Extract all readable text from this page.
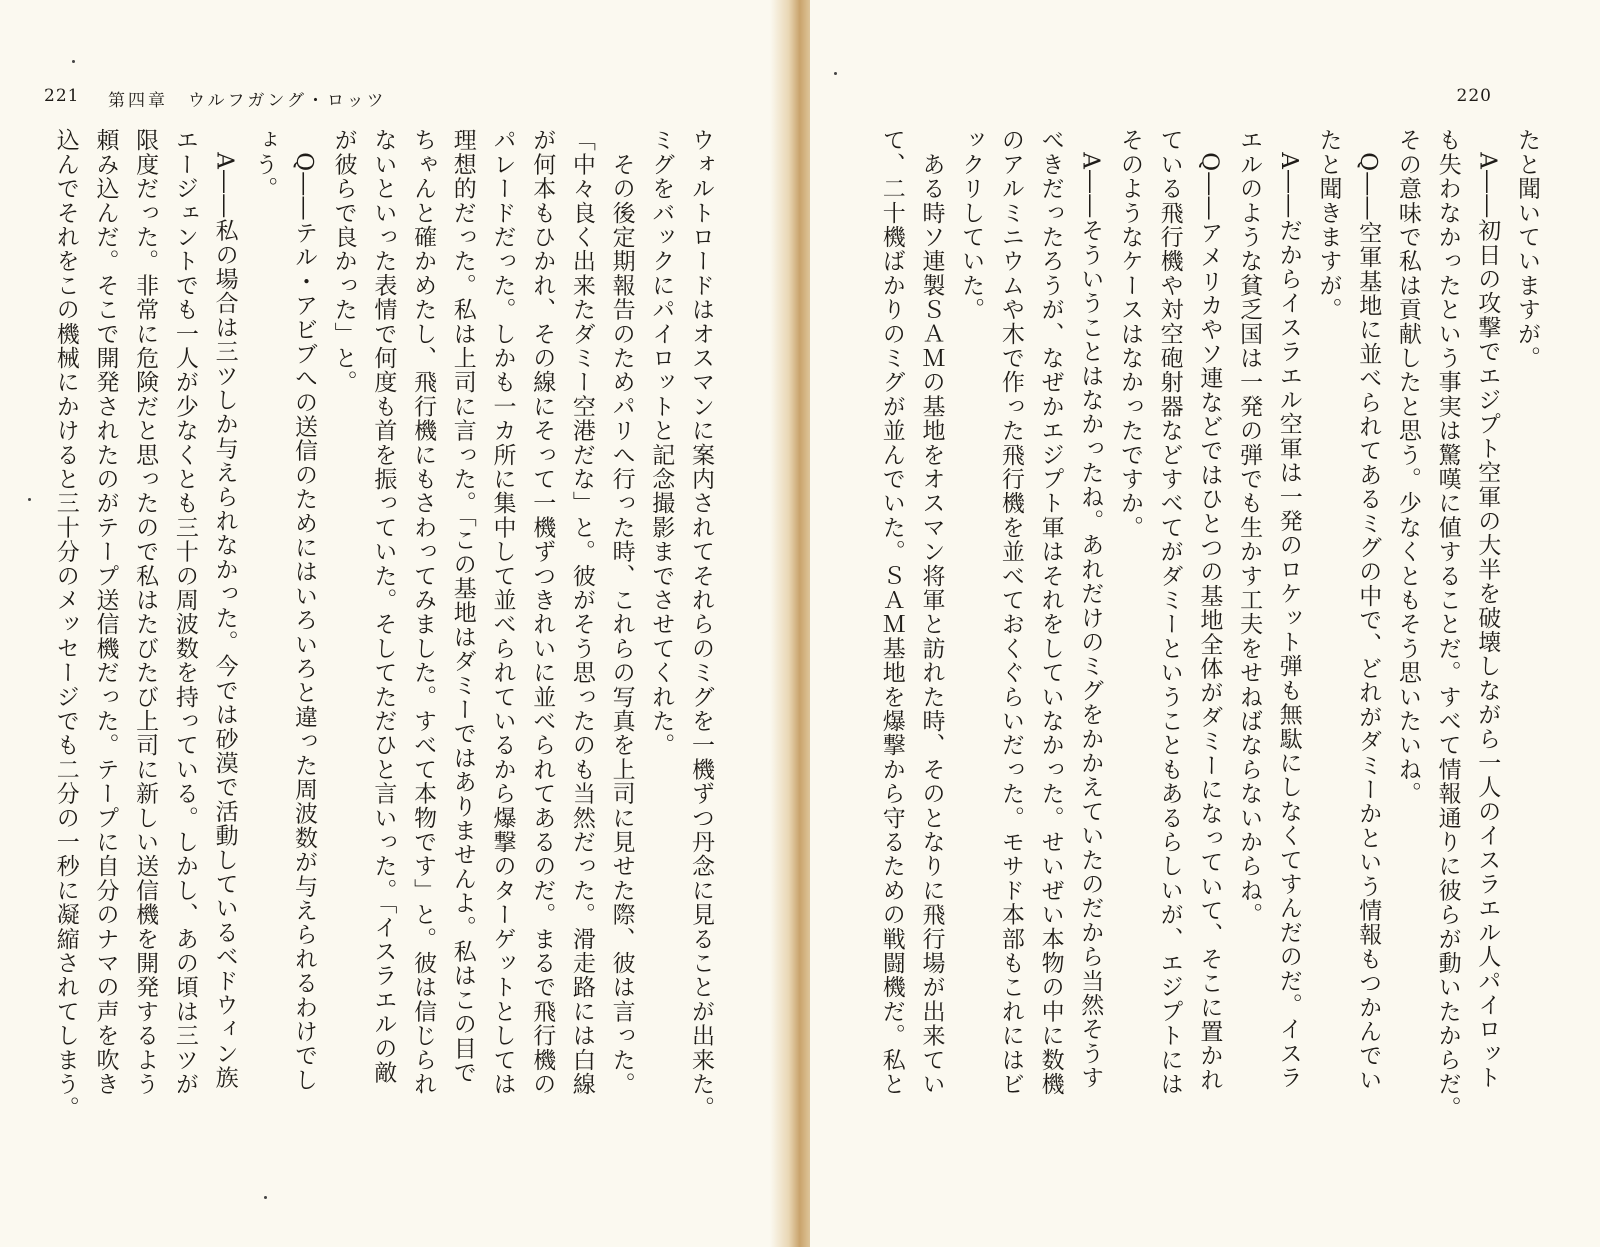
221 第四章　ウルフガング・ロッツ
ウォルトロードはオスマンに案内されてそれらのミグを一機ずつ丹念に見ることが出来た。
ミグをバックにパイロットと記念撮影までさせてくれた。
　その後定期報告のためパリへ行った時、これらの写真を上司に見せた際、彼は言った。
「中々良く出来たダミー空港だな」と。彼がそう思ったのも当然だった。滑走路には白線
が何本もひかれ、その線にそって一機ずつきれいに並べられてあるのだ。まるで飛行機の
パレードだった。しかも一カ所に集中して並べられているから爆撃のターゲットとしては
理想的だった。私は上司に言った。「この基地はダミーではありませんよ。私はこの目で
ちゃんと確かめたし、飛行機にもさわってみました。すべて本物です」と。彼は信じられ
ないといった表情で何度も首を振っていた。そしてただひと言いった。「イスラエルの敵
が彼らで良かった」と。
　Q――テル・アビブへの送信のためにはいろいろと違った周波数が与えられるわけでし
ょう。
　A――私の場合は三ツしか与えられなかった。今では砂漠で活動しているベドウィン族
エージェントでも一人が少なくとも三十の周波数を持っている。しかし、あの頃は三ツが
限度だった。非常に危険だと思ったので私はたびたび上司に新しい送信機を開発するよう
頼み込んだ。そこで開発されたのがテープ送信機だった。テープに自分のナマの声を吹き
込んでそれをこの機械にかけると三十分のメッセージでも二分の一秒に凝縮されてしまう。
220
たと聞いていますが。
　A――初日の攻撃でエジプト空軍の大半を破壊しながら一人のイスラエル人パイロット
も失わなかったという事実は驚嘆に値することだ。すべて情報通りに彼らが動いたからだ。
その意味で私は貢献したと思う。少なくともそう思いたいね。
　Q――空軍基地に並べられてあるミグの中で、どれがダミーかという情報もつかんでい
たと聞きますが。
　A――だからイスラエル空軍は一発のロケット弾も無駄にしなくてすんだのだ。イスラ
エルのような貧乏国は一発の弾でも生かす工夫をせねばならないからね。
　Q――アメリカやソ連などではひとつの基地全体がダミーになっていて、そこに置かれ
ている飛行機や対空砲射器などすべてがダミーということもあるらしいが、エジプトには
そのようなケースはなかったですか。
　A――そういうことはなかったね。あれだけのミグをかかえていたのだから当然そうす
べきだったろうが、なぜかエジプト軍はそれをしていなかった。せいぜい本物の中に数機
のアルミニウムや木で作った飛行機を並べておくぐらいだった。モサド本部もこれにはビ
ックリしていた。
　ある時ソ連製ＳＡＭの基地をオスマン将軍と訪れた時、そのとなりに飛行場が出来てい
て、二十機ばかりのミグが並んでいた。ＳＡＭ基地を爆撃から守るための戦闘機だ。私と
